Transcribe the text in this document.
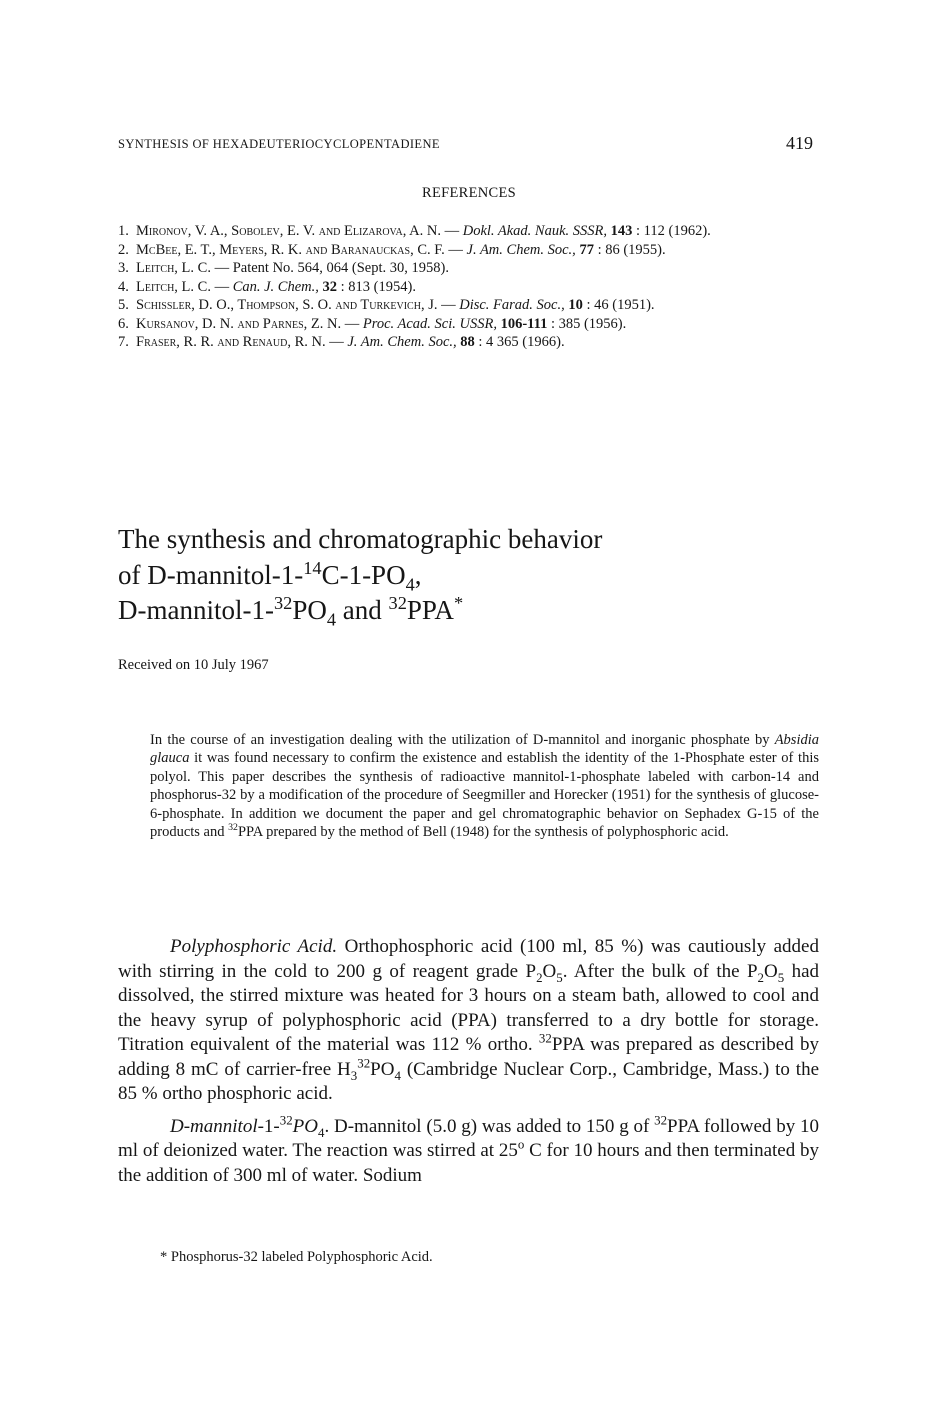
SYNTHESIS OF HEXADEUTERIOCYCLOPENTADIENE	419
REFERENCES
1. Mironov, V. A., Sobolev, E. V. and Elizarova, A. N. — Dokl. Akad. Nauk. SSSR, 143 : 112 (1962).
2. McBee, E. T., Meyers, R. K. and Baranauckas, C. F. — J. Am. Chem. Soc., 77 : 86 (1955).
3. Leitch, L. C. — Patent No. 564, 064 (Sept. 30, 1958).
4. Leitch, L. C. — Can. J. Chem., 32 : 813 (1954).
5. Schissler, D. O., Thompson, S. O. and Turkevich, J. — Disc. Farad. Soc., 10 : 46 (1951).
6. Kursanov, D. N. and Parnes, Z. N. — Proc. Acad. Sci. USSR, 106-111 : 385 (1956).
7. Fraser, R. R. and Renaud, R. N. — J. Am. Chem. Soc., 88 : 4 365 (1966).
The synthesis and chromatographic behavior
of $D-mannitol-1-^{14}C-1-PO_4$,
$D-mannitol-1-^{32}PO_4$ and $^{32}$PPA*
Received on 10 July 1967
In the course of an investigation dealing with the utilization of D-mannitol and inorganic phosphate by Absidia glauca it was found necessary to confirm the existence and establish the identity of the 1-Phosphate ester of this polyol. This paper describes the synthesis of radioactive mannitol-1-phosphate labeled with carbon-14 and phosphorus-32 by a modification of the procedure of Seegmiller and Horecker (1951) for the synthesis of glucose-6-phosphate. In addition we document the paper and gel chromatographic behavior on Sephadex G-15 of the products and $^{32}$PPA prepared by the method of Bell (1948) for the synthesis of polyphosphoric acid.

Polyphosphoric Acid. Orthophosphoric acid (100 ml, 85 %) was cautiously added with stirring in the cold to 200 g of reagent grade $P_2O_5$. After the bulk of the $P_2O_5$ had dissolved, the stirred mixture was heated for 3 hours on a steam bath, allowed to cool and the heavy syrup of polyphosphoric acid (PPA) transferred to a dry bottle for storage. Titration equivalent of the material was 112 % ortho. $^{32}$PPA was prepared as described by adding 8 mC of carrier-free $H_3^{32}PO_4$ (Cambridge Nuclear Corp., Cambridge, Mass.) to the 85 % ortho phosphoric acid.

$D-mannitol-1-^{32}PO_4$. D-mannitol (5.0 g) was added to 150 g of $^{32}$PPA followed by 10 ml of deionized water. The reaction was stirred at 25$^o$ C for 10 hours and then terminated by the addition of 300 ml of water. Sodium

* Phosphorus-32 labeled Polyphosphoric Acid.
